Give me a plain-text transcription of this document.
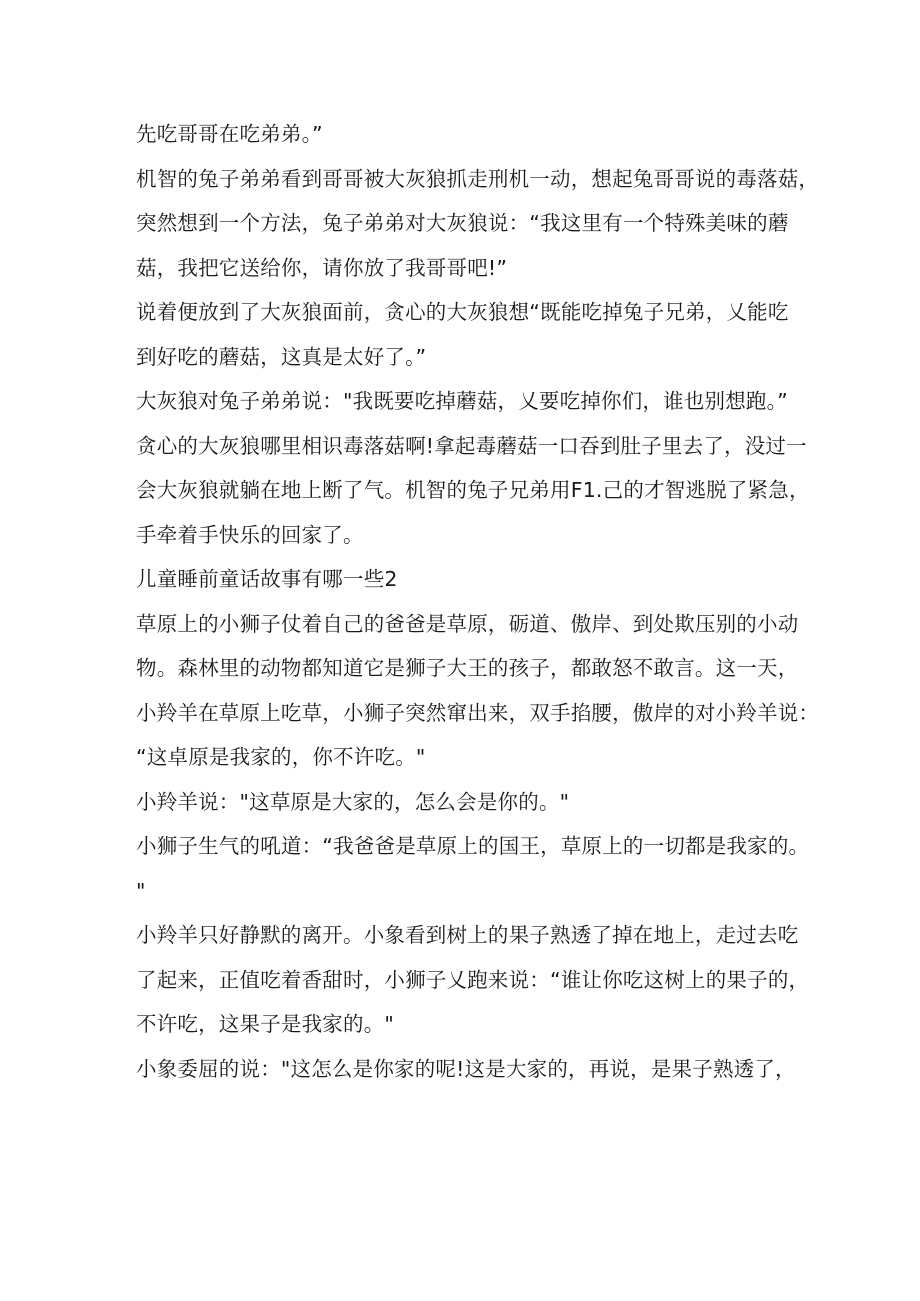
先吃哥哥在吃弟弟。”
机智的兔子弟弟看到哥哥被大灰狼抓走刑机一动，想起兔哥哥说的毒落菇，
突然想到一个方法，兔子弟弟对大灰狼说：“我这里有一个特殊美味的蘑
菇，我把它送给你，请你放了我哥哥吧!”
说着便放到了大灰狼面前，贪心的大灰狼想“既能吃掉兔子兄弟，乂能吃
到好吃的蘑菇，这真是太好了。”
大灰狼对兔子弟弟说："我既要吃掉蘑菇，乂要吃掉你们，谁也别想跑。”
贪心的大灰狼哪里相识毒落菇啊!拿起毒蘑菇一口吞到肚子里去了，没过一
会大灰狼就躺在地上断了气。机智的兔子兄弟用F1.己的才智逃脱了紧急，
手牵着手快乐的回家了。
儿童睡前童话故事有哪一些2
草原上的小狮子仗着自己的爸爸是草原，砺道、傲岸、到处欺压别的小动
物。森林里的动物都知道它是狮子大王的孩子，都敢怒不敢言。这一天，
小羚羊在草原上吃草，小狮子突然窜出来，双手掐腰，傲岸的对小羚羊说：
“这卓原是我家的，你不许吃。"
小羚羊说："这草原是大家的，怎么会是你的。"
小狮子生气的吼道：“我爸爸是草原上的国王，草原上的一切都是我家的。
"
小羚羊只好静默的离开。小象看到树上的果子熟透了掉在地上，走过去吃
了起来，正值吃着香甜时，小狮子乂跑来说：“谁让你吃这树上的果子的，
不许吃，这果子是我家的。"
小象委屈的说："这怎么是你家的呢!这是大家的，再说，是果子熟透了，
